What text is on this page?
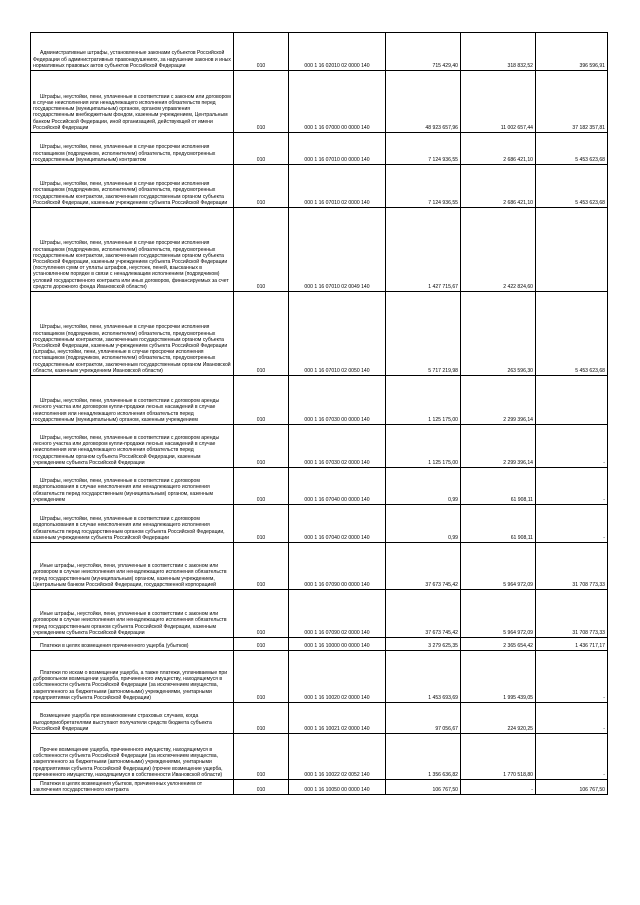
Административные штрафы, установленные законами субъектов Российской Федерации об административных правонарушениях, за нарушение законов и иных нормативных правовых актов субъектов Российской Федерации	010	000 1 16 02010 02 0000 140	715 429,40	318 832,52	396 596,91

Штрафы, неустойки, пени, уплаченные в соответствии с законом или договором в случае неисполнения или ненадлежащего исполнения обязательств перед государственным (муниципальным) органом, органом управления государственным внебюджетным фондом, казенным учреждением, Центральным банком Российской Федерации, иной организацией, действующей от имени Российской Федерации	010	000 1 16 07000 00 0000 140	48 923 657,96	11 002 657,44	37 182 357,81

Штрафы, неустойки, пени, уплаченные в случае просрочки исполнения поставщиком (подрядчиком, исполнителем) обязательств, предусмотренных государственным (муниципальным) контрактом	010	000 1 16 07010 00 0000 140	7 124 936,55	2 686 421,10	5 453 623,68

Штрафы, неустойки, пени, уплаченные в случае просрочки исполнения поставщиком (подрядчиком, исполнителем) обязательств, предусмотренных государственным контрактом, заключенным государственным органом субъекта Российской Федерации, казенным учреждением субъекта Российской Федерации	010	000 1 16 07010 02 0000 140	7 124 936,55	2 686 421,10	5 453 623,68

Штрафы, неустойки, пени, уплаченные в случае просрочки исполнения поставщиком (подрядчиком, исполнителем) обязательств, предусмотренных государственным контрактом, заключенным государственным органом субъекта Российской Федерации, казенным учреждением субъекта Российской Федерации (поступления сумм от уплаты штрафов, неустоек, пеней, взысканных в установленном порядке в связи с ненадлежащим исполнением (подрядчиком) условий государственного контракта или иных договоров, финансируемых за счет средств дорожного фонда Ивановской области)	010	000 1 16 07010 02 0049 140	1 427 715,67	2 422 824,60	

Штрафы, неустойки, пени, уплаченные в случае просрочки исполнения поставщиком (подрядчиком, исполнителем) обязательств, предусмотренных государственным контрактом, заключенным государственным органом субъекта Российской Федерации, казенным учреждением субъекта Российской Федерации (штрафы, неустойки, пени, уплаченные в случае просрочки исполнения поставщиком (подрядчиком, исполнителем) обязательств, предусмотренных государственным контрактом, заключенным государственным органом Ивановской области, казенным учреждением Ивановской области)	010	000 1 16 07010 02 0050 140	5 717 219,98	263 596,30	5 453 623,68

Штрафы, неустойки, пени, уплаченные в соответствии с договором аренды лесного участка или договором купли-продажи лесных насаждений в случае неисполнения или ненадлежащего исполнения обязательств перед государственным (муниципальным) органом, казенным учреждением	010	000 1 16 07030 00 0000 140	1 125 175,00	2 299 396,14	

Штрафы, неустойки, пени, уплаченные в соответствии с договором аренды лесного участка или договором купли-продажи лесных насаждений в случае неисполнения или ненадлежащего исполнения обязательств перед государственным органом субъекта Российской Федерации, казенным учреждением субъекта Российской Федерации	010	000 1 16 07030 02 0000 140	1 125 175,00	2 299 396,14	-

Штрафы, неустойки, пени, уплаченные в соответствии с договором водопользования в случае неисполнения или ненадлежащего исполнения обязательств перед государственным (муниципальным) органом, казенным учреждением	010	000 1 16 07040 00 0000 140	0,99	61 908,11	-

Штрафы, неустойки, пени, уплаченные в соответствии с договором водопользования в случае неисполнения или ненадлежащего исполнения обязательств перед государственным органом субъекта Российской Федерации, казенным учреждением субъекта Российской Федерации	010	000 1 16 07040 02 0000 140	0,99	61 908,11	-

Иные штрафы, неустойки, пени, уплаченные в соответствии с законом или договором в случае неисполнения или ненадлежащего исполнения обязательств перед государственным (муниципальным) органом, казенным учреждением, Центральным банком Российской Федерации, государственной корпорацией	010	000 1 16 07090 00 0000 140	37 673 745,42	5 964 972,09	31 708 773,33

Иные штрафы, неустойки, пени, уплаченные в соответствии с законом или договором в случае неисполнения или ненадлежащего исполнения обязательств перед государственным органом субъекта Российской Федерации, казенным учреждением субъекта Российской Федерации	010	000 1 16 07090 02 0000 140	37 673 745,42	5 964 972,09	31 708 773,33

Платежи в целях возмещения причиненного ущерба (убытков)	010	000 1 16 10000 00 0000 140	3 279 625,35	2 365 654,42	1 436 717,17

Платежи по искам о возмещении ущерба, а также платежи, уплачиваемые при добровольном возмещении ущерба, причиненного имуществу, находящемуся в собственности субъекта Российской Федерации (за исключением имущества, закрепленного за бюджетными (автономными) учреждениями, унитарными предприятиями субъекта Российской Федерации)	010	000 1 16 10020 02 0000 140	1 453 693,69	1 995 439,05	-

Возмещение ущерба при возникновении страховых случаев, когда выгодоприобретателями выступают получатели средств бюджета субъекта Российской Федерации	010	000 1 16 10021 02 0000 140	97 056,67	224 920,25	-

Прочее возмещение ущерба, причиненного имуществу, находящемуся в собственности субъекта Российской Федерации (за исключением имущества, закрепленного за бюджетными (автономными) учреждениями, унитарными предприятиями субъекта Российской Федерации) (прочее возмещение ущерба, причиненного имуществу, находящемуся в собственности Ивановской области)	010	000 1 16 10022 02 0052 140	1 356 636,82	1 770 518,80	-

Платежи в целях возмещения убытков, причиненных уклонением от заключения государственного контракта	010	000 1 16 10050 00 0000 140	106 767,50	-	106 767,50
